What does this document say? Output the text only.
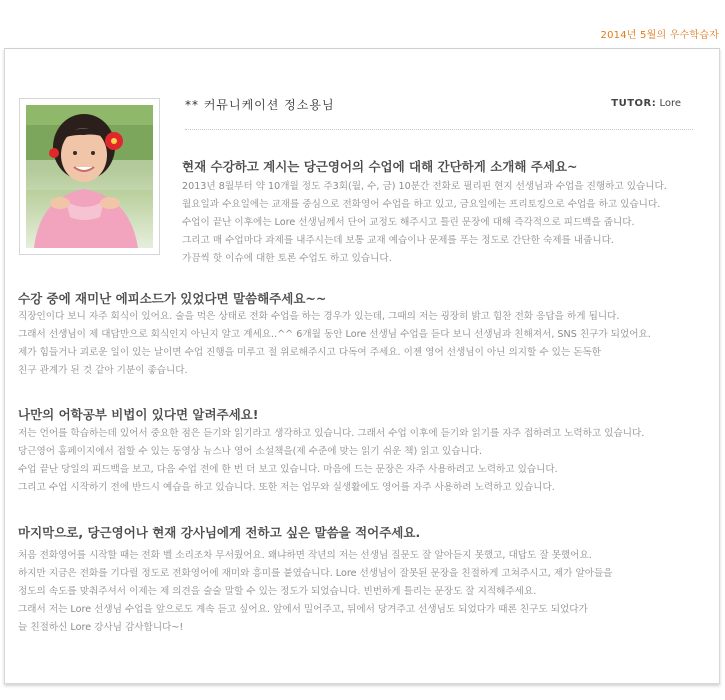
2014년 5월의 우수학습자
** 커뮤니케이션 정소용님	TUTOR: Lore
현재 수강하고 계시는 당근영어의 수업에 대해 간단하게 소개해 주세요~
2013년 8월부터 약 10개월 정도 주3회(월, 수, 금) 10분간 전화로 필리핀 현지 선생님과 수업을 진행하고 있습니다.
월요일과 수요일에는 교재를 중심으로 전화영어 수업을 하고 있고, 금요일에는 프리토킹으로 수업을 하고 있습니다.
수업이 끝난 이후에는 Lore 선생님께서 단어 교정도 해주시고 틀린 문장에 대해 즉각적으로 피드백을 줍니다.
그리고 매 수업마다 과제를 내주시는데 보통 교재 예습이나 문제를 푸는 정도로 간단한 숙제를 내줍니다.
가끔씩 핫 이슈에 대한 토론 수업도 하고 있습니다.
수강 중에 재미난 에피소드가 있었다면 말씀해주세요~~
직장인이다 보니 자주 회식이 있어요. 술을 먹은 상태로 전화 수업을 하는 경우가 있는데, 그때의 저는 굉장히 밝고 힘찬 전화 응답을 하게 됩니다.
그래서 선생님이 제 대답만으로 회식인지 아닌지 알고 계세요..^^ 6개월 동안 Lore 선생님 수업을 듣다 보니 선생님과 친해져서, SNS 친구가 되었어요.
제가 힘들거나 괴로운 일이 있는 날이면 수업 진행을 미루고 절 위로해주시고 다독여 주세요. 이젠 영어 선생님이 아닌 의지할 수 있는 돈독한
친구 관계가 된 것 같아 기분이 좋습니다.
나만의 어학공부 비법이 있다면 알려주세요!
저는 언어를 학습하는데 있어서 중요한 점은 듣기와 읽기라고 생각하고 있습니다. 그래서 수업 이후에 듣기와 읽기를 자주 접하려고 노력하고 있습니다.
당근영어 홈페이지에서 접할 수 있는 동영상 뉴스나 영어 소설책을(제 수준에 맞는 읽기 쉬운 책) 읽고 있습니다.
수업 끝난 당일의 피드백을 보고, 다음 수업 전에 한 번 더 보고 있습니다. 마음에 드는 문장은 자주 사용하려고 노력하고 있습니다.
그리고 수업 시작하기 전에 반드시 예습을 하고 있습니다. 또한 저는 업무와 실생활에도 영어를 자주 사용하려 노력하고 있습니다.
마지막으로, 당근영어나 현재 강사님에게 전하고 싶은 말씀을 적어주세요.
처음 전화영어를 시작할 때는 전화 벨 소리조차 무서웠어요. 왜냐하면 작년의 저는 선생님 질문도 잘 알아듣지 못했고, 대답도 잘 못했어요.
하지만 지금은 전화를 기다릴 정도로 전화영어에 재미와 흥미를 붙였습니다. Lore 선생님이 잘못된 문장을 친절하게 고쳐주시고, 제가 알아들을
정도의 속도를 맞춰주셔서 이제는 제 의견을 술술 말할 수 있는 정도가 되었습니다. 빈번하게 틀리는 문장도 잘 지적해주세요.
그래서 저는 Lore 선생님 수업을 앞으로도 계속 듣고 싶어요. 앞에서 밀어주고, 뒤에서 당겨주고 선생님도 되었다가 때론 친구도 되었다가
늘 친절하신 Lore 강사님 감사합니다~!
